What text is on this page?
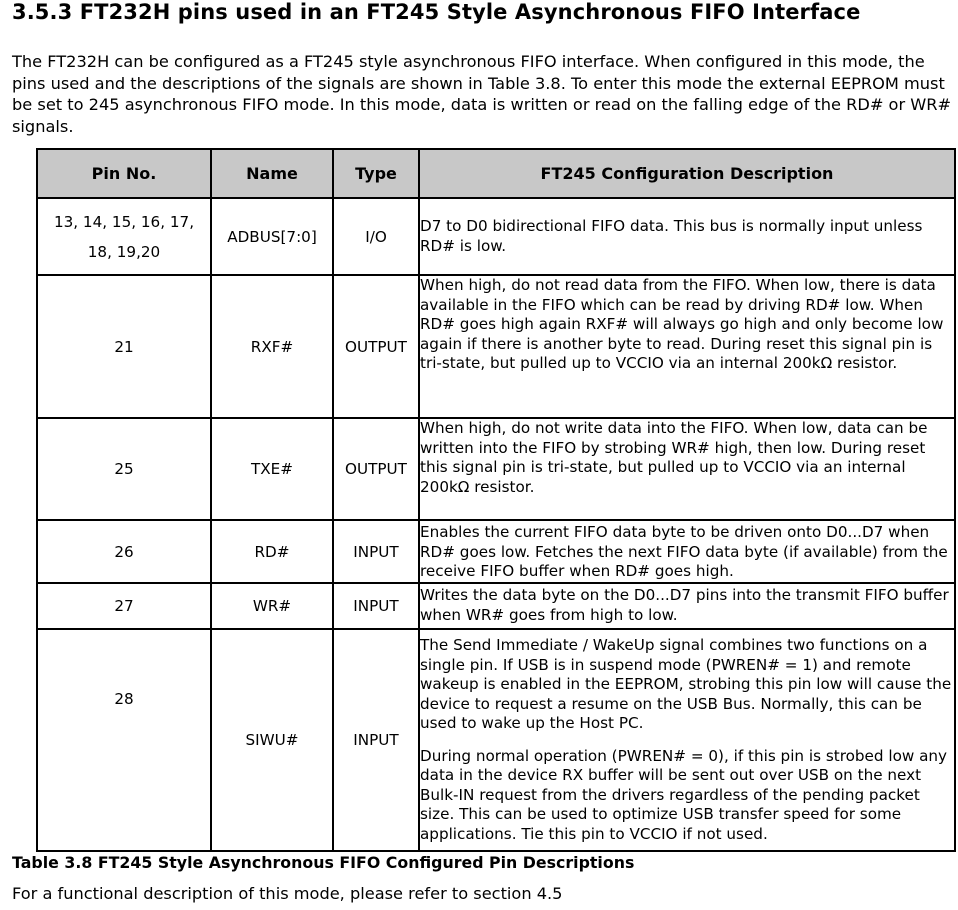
3.5.3 FT232H pins used in an FT245 Style Asynchronous FIFO Interface

The FT232H can be configured as a FT245 style asynchronous FIFO interface. When configured in this mode, the pins used and the descriptions of the signals are shown in Table 3.8. To enter this mode the external EEPROM must be set to 245 asynchronous FIFO mode. In this mode, data is written or read on the falling edge of the RD# or WR# signals.

Pin No.	Name	Type	FT245 Configuration Description

13, 14, 15, 16, 17,
18, 19,20	ADBUS[7:0]	I/O	D7 to D0 bidirectional FIFO data. This bus is normally input unless RD# is low.
21	RXF#	OUTPUT	When high, do not read data from the FIFO. When low, there is data available in the FIFO which can be read by driving RD# low. When RD# goes high again RXF# will always go high and only become low again if there is another byte to read. During reset this signal pin is tri-state, but pulled up to VCCIO via an internal 200kΩ resistor.
25	TXE#	OUTPUT	When high, do not write data into the FIFO. When low, data can be written into the FIFO by strobing WR# high, then low. During reset this signal pin is tri-state, but pulled up to VCCIO via an internal 200kΩ resistor.
26	RD#	INPUT	Enables the current FIFO data byte to be driven onto D0...D7 when RD# goes low. Fetches the next FIFO data byte (if available) from the receive FIFO buffer when RD# goes high.
27	WR#	INPUT	Writes the data byte on the D0...D7 pins into the transmit FIFO buffer when WR# goes from high to low.
28	SIWU#	INPUT	The Send Immediate / WakeUp signal combines two functions on a single pin. If USB is in suspend mode (PWREN# = 1) and remote wakeup is enabled in the EEPROM, strobing this pin low will cause the device to request a resume on the USB Bus. Normally, this can be used to wake up the Host PC.

During normal operation (PWREN# = 0), if this pin is strobed low any data in the device RX buffer will be sent out over USB on the next Bulk-IN request from the drivers regardless of the pending packet size. This can be used to optimize USB transfer speed for some applications. Tie this pin to VCCIO if not used.

Table 3.8 FT245 Style Asynchronous FIFO Configured Pin Descriptions

For a functional description of this mode, please refer to section 4.5
